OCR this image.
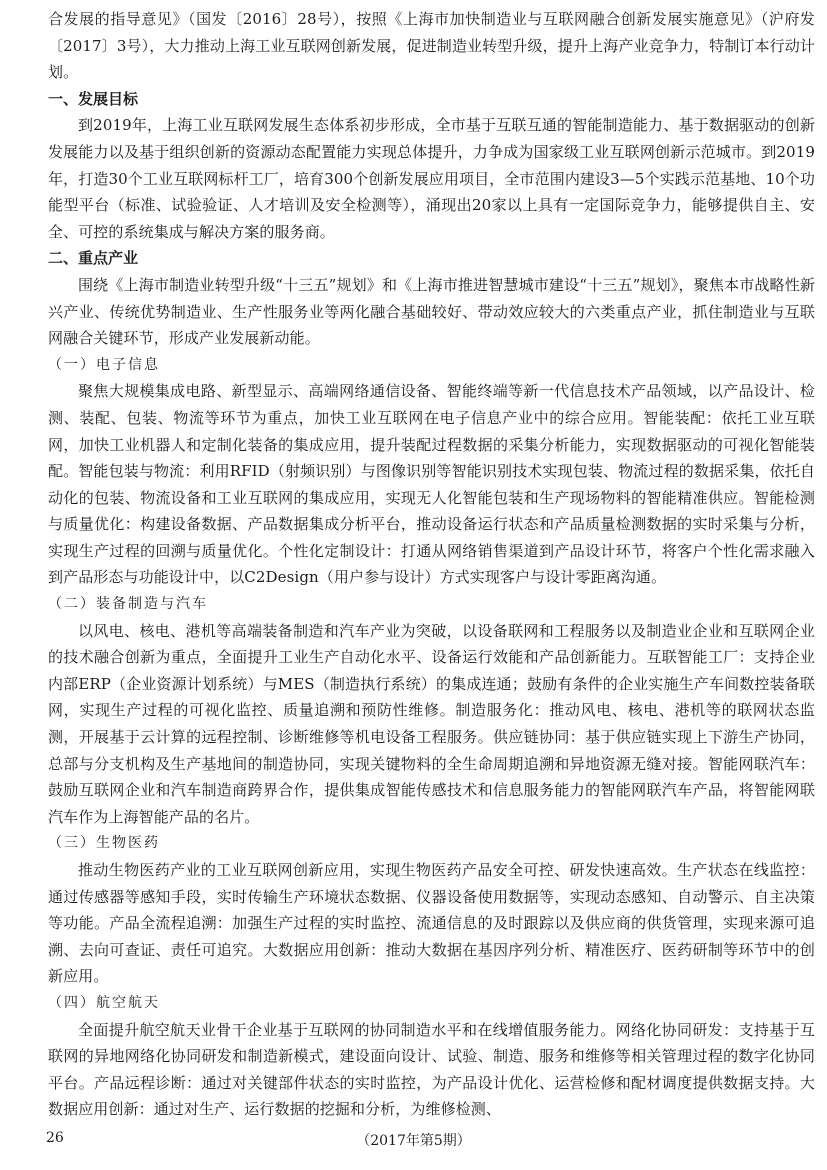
合发展的指导意见》（国发〔2016〕28号），按照《上海市加快制造业与互联网融合创新发展实施意见》（沪府发〔2017〕3号），大力推动上海工业互联网创新发展，促进制造业转型升级，提升上海产业竞争力，特制订本行动计划。

一、发展目标

到2019年，上海工业互联网发展生态体系初步形成，全市基于互联互通的智能制造能力、基于数据驱动的创新发展能力以及基于组织创新的资源动态配置能力实现总体提升，力争成为国家级工业互联网创新示范城市。到2019年，打造30个工业互联网标杆工厂，培育300个创新发展应用项目，全市范围内建设3—5个实践示范基地、10个功能型平台（标准、试验验证、人才培训及安全检测等），涌现出20家以上具有一定国际竞争力，能够提供自主、安全、可控的系统集成与解决方案的服务商。

二、重点产业

围绕《上海市制造业转型升级“十三五”规划》和《上海市推进智慧城市建设“十三五”规划》，聚焦本市战略性新兴产业、传统优势制造业、生产性服务业等两化融合基础较好、带动效应较大的六类重点产业，抓住制造业与互联网融合关键环节，形成产业发展新动能。

（一）电子信息

聚焦大规模集成电路、新型显示、高端网络通信设备、智能终端等新一代信息技术产品领域，以产品设计、检测、装配、包装、物流等环节为重点，加快工业互联网在电子信息产业中的综合应用。智能装配：依托工业互联网，加快工业机器人和定制化装备的集成应用，提升装配过程数据的采集分析能力，实现数据驱动的可视化智能装配。智能包装与物流：利用RFID（射频识别）与图像识别等智能识别技术实现包装、物流过程的数据采集，依托自动化的包装、物流设备和工业互联网的集成应用，实现无人化智能包装和生产现场物料的智能精准供应。智能检测与质量优化：构建设备数据、产品数据集成分析平台，推动设备运行状态和产品质量检测数据的实时采集与分析，实现生产过程的回溯与质量优化。个性化定制设计：打通从网络销售渠道到产品设计环节，将客户个性化需求融入到产品形态与功能设计中，以C2Design（用户参与设计）方式实现客户与设计零距离沟通。

（二）装备制造与汽车

以风电、核电、港机等高端装备制造和汽车产业为突破，以设备联网和工程服务以及制造业企业和互联网企业的技术融合创新为重点，全面提升工业生产自动化水平、设备运行效能和产品创新能力。互联智能工厂：支持企业内部ERP（企业资源计划系统）与MES（制造执行系统）的集成连通；鼓励有条件的企业实施生产车间数控装备联网，实现生产过程的可视化监控、质量追溯和预防性维修。制造服务化：推动风电、核电、港机等的联网状态监测，开展基于云计算的远程控制、诊断维修等机电设备工程服务。供应链协同：基于供应链实现上下游生产协同，总部与分支机构及生产基地间的制造协同，实现关键物料的全生命周期追溯和异地资源无缝对接。智能网联汽车：鼓励互联网企业和汽车制造商跨界合作，提供集成智能传感技术和信息服务能力的智能网联汽车产品，将智能网联汽车作为上海智能产品的名片。

（三）生物医药

推动生物医药产业的工业互联网创新应用，实现生物医药产品安全可控、研发快速高效。生产状态在线监控：通过传感器等感知手段，实时传输生产环境状态数据、仪器设备使用数据等，实现动态感知、自动警示、自主决策等功能。产品全流程追溯：加强生产过程的实时监控、流通信息的及时跟踪以及供应商的供货管理，实现来源可追溯、去向可查证、责任可追究。大数据应用创新：推动大数据在基因序列分析、精准医疗、医药研制等环节中的创新应用。

（四）航空航天

全面提升航空航天业骨干企业基于互联网的协同制造水平和在线增值服务能力。网络化协同研发：支持基于互联网的异地网络化协同研发和制造新模式，建设面向设计、试验、制造、服务和维修等相关管理过程的数字化协同平台。产品远程诊断：通过对关键部件状态的实时监控，为产品设计优化、运营检修和配材调度提供数据支持。大数据应用创新：通过对生产、运行数据的挖掘和分析，为维修检测、

26	（2017年第5期）
